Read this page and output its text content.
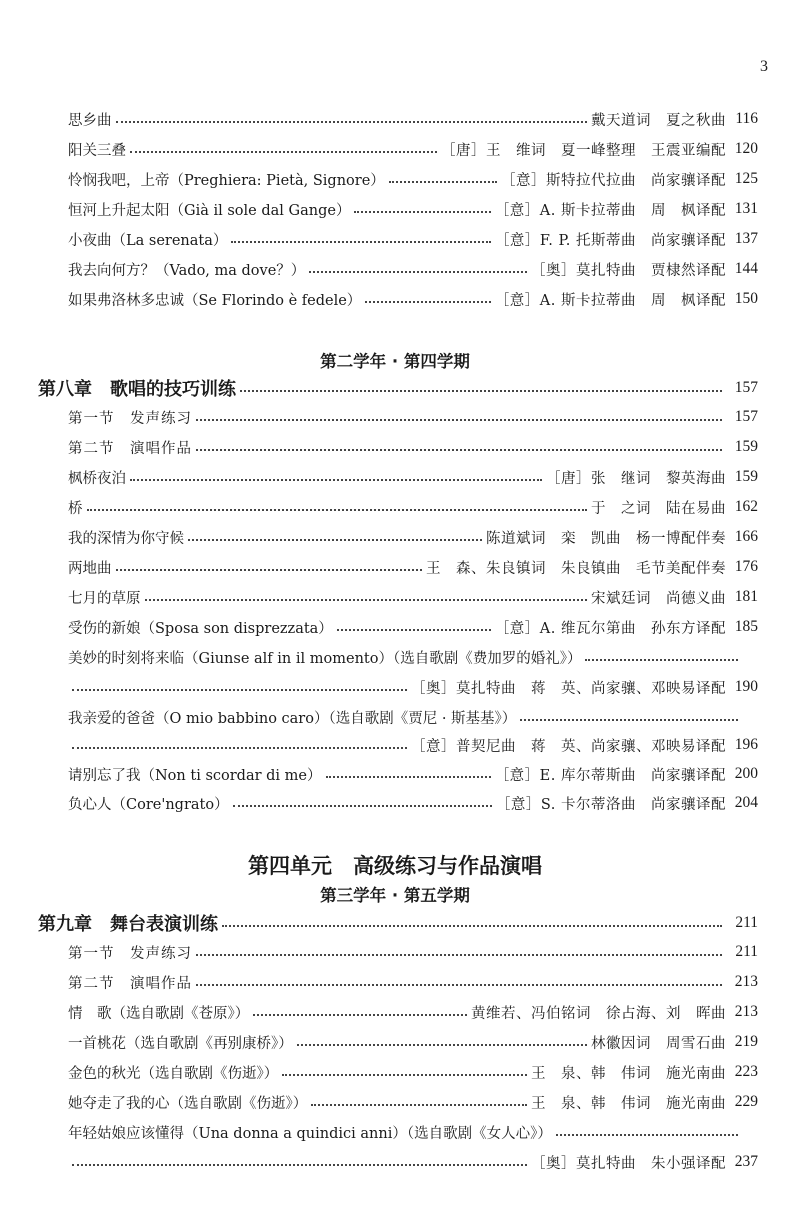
3
思乡曲	戴天道词　夏之秋曲 116
阳关三叠	［唐］王　维词　夏一峰整理　王震亚编配 120
怜悯我吧，上帝（Preghiera: Pietà, Signore）	［意］斯特拉代拉曲　尚家骧译配 125
恒河上升起太阳（Già il sole dal Gange）	［意］A. 斯卡拉蒂曲　周　枫译配 131
小夜曲（La serenata）	［意］F. P. 托斯蒂曲　尚家骧译配 137
我去向何方？（Vado, ma dove？）	［奥］莫扎特曲　贾棣然译配 144
如果弗洛林多忠诚（Se Florindo è fedele）	［意］A. 斯卡拉蒂曲　周　枫译配 150
第二学年 · 第四学期
第八章　歌唱的技巧训练	157
第一节　发声练习	157
第二节　演唱作品	159
枫桥夜泊	［唐］张　继词　黎英海曲 159
桥	于　之词　陆在易曲 162
我的深情为你守候	陈道斌词　栾　凯曲　杨一博配伴奏 166
两地曲	王　森、朱良镇词　朱良镇曲　毛节美配伴奏 176
七月的草原	宋斌廷词　尚德义曲 181
受伤的新娘（Sposa son disprezzata）	［意］A. 维瓦尔第曲　孙东方译配 185
美妙的时刻将来临（Giunse alf in il momento）（选自歌剧《费加罗的婚礼》）
［奥］莫扎特曲　蒋　英、尚家骧、邓映易译配 190
我亲爱的爸爸（O mio babbino caro）（选自歌剧《贾尼 · 斯基基》）
［意］普契尼曲　蒋　英、尚家骧、邓映易译配 196
请别忘了我（Non ti scordar di me）	［意］E. 库尔蒂斯曲　尚家骧译配 200
负心人（Core'ngrato）	［意］S. 卡尔蒂洛曲　尚家骧译配 204
第四单元　高级练习与作品演唱
第三学年 · 第五学期
第九章　舞台表演训练	211
第一节　发声练习	211
第二节　演唱作品	213
情　歌（选自歌剧《苍原》）	黄维若、冯伯铭词　徐占海、刘　晖曲 213
一首桃花（选自歌剧《再别康桥》）	林徽因词　周雪石曲 219
金色的秋光（选自歌剧《伤逝》）	王　泉、韩　伟词　施光南曲 223
她夺走了我的心（选自歌剧《伤逝》）	王　泉、韩　伟词　施光南曲 229
年轻姑娘应该懂得（Una donna a quindici anni）（选自歌剧《女人心》）
［奥］莫扎特曲　朱小强译配 237
